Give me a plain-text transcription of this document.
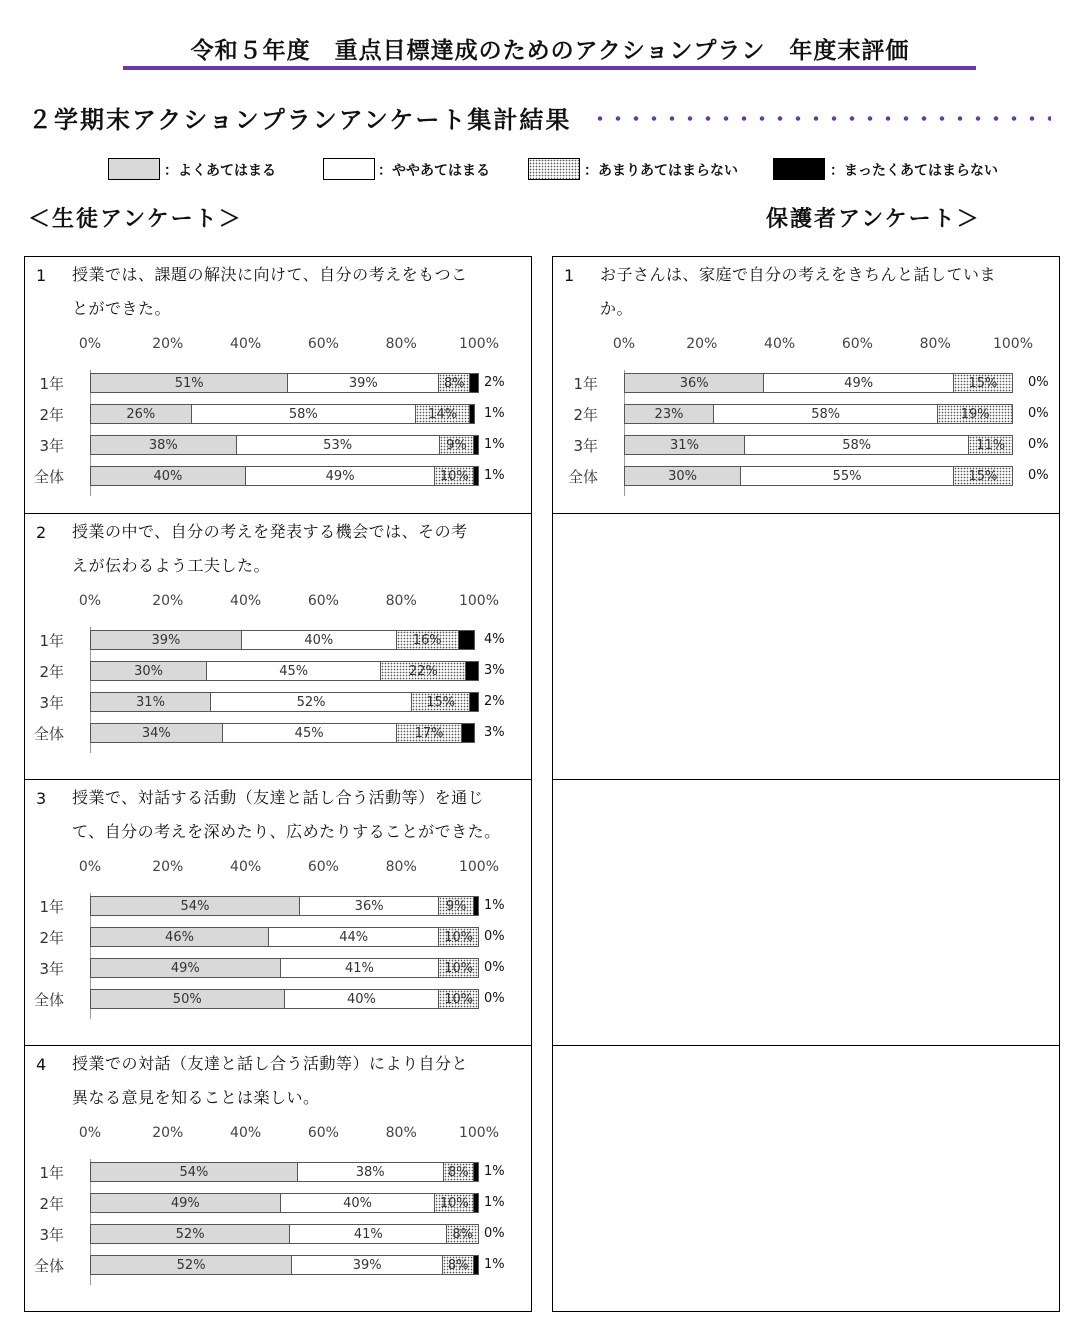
令和５年度　重点目標達成のためのアクションプラン　年度末評価
２学期末アクションプランアンケート集計結果
：よくあてはまる	：ややあてはまる	：あまりあてはまらない	：まったくあてはまらない
＜生徒アンケート＞	保護者アンケート＞
1 授業では、課題の解決に向けて、自分の考えをもつこ
とができた。
0%	20%	40%	60%	80%	100%
1年	51%	39%	8% 2%
2年	26%	58%	14% 1%
3年	38%	53%	9% 1%
全体	40%	49%	10% 1%
1 お子さんは、家庭で自分の考えをきちんと話していま
か。
0%	20%	40%	60%	80%	100%
1年	36%	49%	15% 0%
2年	23%	58%	19%	0%
3年	31%	58%	11% 0%
全体	30%	55%	15% 0%
2 授業の中で、自分の考えを発表する機会では、その考
えが伝わるよう工夫した。
0%	20%	40%	60%	80%	100%
1年	39%	40%	16%	4%
2年	30%	45%	22%	3%
3年	31%	52%	15% 2%
全体	34%	45%	17%	3%
3 授業で、対話する活動（友達と話し合う活動等）を通じ
て、自分の考えを深めたり、広めたりすることができた。
0%	20%	40%	60%	80%	100%
1年	54%	36%	9% 1%
2年	46%	44%	10% 0%
3年	49%	41%	10% 0%
全体	50%	40%	10% 0%
4 授業での対話（友達と話し合う活動等）により自分と
異なる意見を知ることは楽しい。
0%	20%	40%	60%	80%	100%
1年	54%	38%	8% 1%
2年	49%	40%	10% 1%
3年	52%	41%	8% 0%
全体	52%	39%	8% 1%
